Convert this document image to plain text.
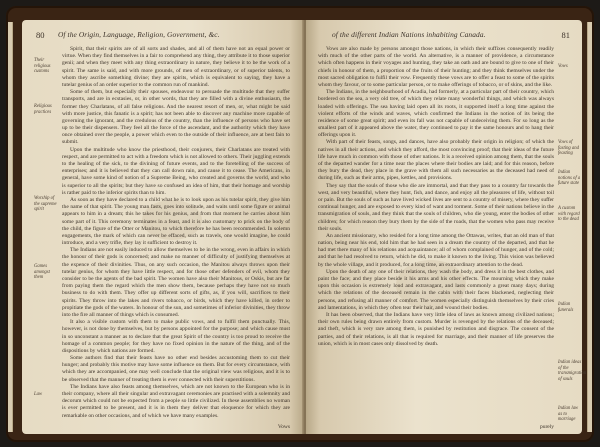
80 Of the Origin, Language, Religion, Government, &c.
Their religious customs
Religious practices
Worship of the supreme spirit
Games amongst them
Law

Spirit, that their spirits are of all sorts and shades, and all of them have not an equal power or virtue. When they find themselves in a fair to comprehend any thing, they attribute it to those superior genii; and when they meet with any thing extraordinary in nature, they believe it to be the work of a spirit. The same is said, and with more grounds, of men of extraordinary, or of superior talents, to whom they ascribe something divine; they are spirits, which is equivalent to saying, they have a tutelar genius of an order superior to the common run of mankind.

Some of them, but especially their spouses, endeavour to persuade the multitude that they suffer transports, and are in ecstasies, or, in other words, that they are filled with a divine enthusiasm, the former they Charlatans, of all false religions. And the nearest resort of men, or, what might be said with more justice, this fanatic is a spirit; has not been able to discover any machine more capable of governing the ignorant, and the credulous of the country, than the influence of persons who have set up to be their dispensers. They feel all the force of the ascendant, and the authority which they have once obtained over the people, a power which even to the outside of their influence, are at best fain to submit.

Upon the multitude who know the priesthood, their conjurers, their Charlatans are treated with respect, and are permitted to act with a freedom which is not allowed to others. Their juggling extends to the healing of the sick, to the divining of future events, and to the foretelling of the success of enterprises; and it is believed that they can call down rain, and cause it to cease. The Americans, in general, have some kind of notion of a Supreme Being, who created and governs the world, and who is superior to all the spirits; but they have so confused an idea of him, that their homage and worship is rather paid to the inferior spirits than to him.

As soon as they have declared to a child what he is to look upon as his tutelar spirit, they give him the name of that spirit. The young man fasts, goes into solitude, and waits until some figure or animal appears to him in a dream; this he takes for his genius, and from that moment he carries about him some part of it. This ceremony terminates in a feast, and it is also customary to prick on the body of the child, the figure of the Otter or Manitou, to which therefore he has been recommended. In solemn engagements, the mark of which can never be effaced, such as travels, one would imagine, he could introduce, and a very trifle, they lay it sufficient to destroy it.

The Indians are not easily induced to allow themselves to be in the wrong, even in affairs in which the honour of their gods is concerned; and make no manner of difficulty of justifying themselves at the expence of their divinities. Thus, on any such occasion, the Manitou always throws upon their tutelar genius, for whom they have little respect, and for those other defenders of evil, whom they consider to be the agents of the bad spirit. The women have also their Manitous, or Oskis, but are far from paying them the regard which the men show them, because perhaps they have not so much business to do with them. They offer up different sorts of gifts, as, if you will, sacrifices to their spirits. They throw into the lakes and rivers tobacco, or birds, which they have killed, in order to propitiate the gods of the waters. In honour of the sun, and sometimes of inferior divinities, they throw into the fire all manner of things which is consumed.

It also a visible custom with them to make public vows, and to fulfil them punctually. This, however, is not done by themselves, but by persons appointed for the purpose; and which cause must in so unconstant a manner as to declare that the great Spirit of the country is too proud to receive the homage of a common people; for they have no fixed opinion in the nature of the thing, and of the dispositions by which nations are formed.

Some authors find that their feasts have no other end besides accustoming them to cut their hunger; and probably this motive may have some influence on them. But for every circumstance, with which they are accompanied, one may well conclude that the original view was religious, and it is to be observed that the manner of treating them is ever connected with their superstitions.

The Indians have also feasts among themselves, which are not known to the European who is in their company, where all their singular and extravagant ceremonies are practised with a solemnity and decorum which could not be expected from a people so little civilized. In these assemblies no woman is ever permitted to be present, and it is in them they deliver that eloquence for which they are remarkable on other occasions, and of which we have many examples.

Vows
of the different Indian Nations inhabiting Canada.	81
Vows
Vows of fasting and feasting
Indian notions of a future state
A custom with regard to the dead
Indian funerals
Indian ideas of the transmigration of souls
Indian law as to marriage

Vows are also made by persons amongst those nations, in which their suffixes consequently readily with much of the other parts of the world. An alternative, is a manner of providence, a circumstance which often happens in their voyages and hunting, they take an oath and are bound to give to one of their chiefs in honour of them, a proportion of the fruits of their hunting; and they think themselves under the most sacred obligation to fulfil their vow. Frequently these vows are to offer a feast to some of the spirits whom they favour, or to some particular person, or to make offerings of tobacco, or of skins, and the like.

The Indians, in the neighbourhood of Acadia, had formerly, at a particular part of their country, which bordered on the sea, a very old tree, of which they relate many wonderful things, and which was always loaded with offerings. The sea having laid open all its roots, it supported itself a long time against the violent efforts of the winds and waves, which confirmed the Indians in the notion of its being the residence of some great spirit; and even its fall was not capable of undeceiving them. For so long as the smallest part of it appeared above the water, they continued to pay it the same honours and to hang their offerings upon it.

With part of their feasts, songs, and dances, have also probably their origin in religion; of which the natives in all their actions, and which they afford, the most convincing proof; that their ideas of the future life have much in common with those of other nations. It is a received opinion among them, that the souls of the departed wander for a time near the places where their bodies are laid; and for this reason, before they bury the dead, they place in the grave with them all such necessaries as the deceased had need of during life, such as their arms, pipes, kettles, and provisions.

They say that the souls of those who die are immortal, and that they pass to a country far towards the west, and very beautiful, where they hunt, fish, and dance, and enjoy all the pleasures of life, without toil or pain. But the souls of such as have lived wicked lives are sent to a country of misery, where they suffer continual hunger, and are exposed to every kind of want and torment. Some of their nations believe in the transmigration of souls, and they think that the souls of children, who die young, enter the bodies of other children; for which reason they bury them by the side of the roads, that the women who pass may receive their souls.

An ancient missionary, who resided for a long time among the Ottawas, writes, that an old man of that nation, being near his end, told him that he had seen in a dream the country of the departed, and that he had met there many of his relations and acquaintance; all of whom complained of hunger, and of the cold; and that he had resolved to return, which he did, to make it known to the living. This vision was believed by the whole village, and it produced, for a long time, an extraordinary attention to the dead.

Upon the death of any one of their relations, they wash the body, and dress it in the best clothes, and paint the face; and they place beside it his arms and his other effects. The mourning which they make upon this occasion is extremely loud and extravagant, and lasts commonly a great many days; during which the relations of the deceased remain in the cabin with their faces blackened, neglecting their persons, and refusing all manner of comfort. The women especially distinguish themselves by their cries and lamentations, in which they often tear their hair, and wound their bodies.

It has been observed, that the Indians have very little idea of laws as known among civilized nations; their own rules being drawn entirely from custom. Murder is revenged by the relations of the deceased; and theft, which is very rare among them, is punished by restitution and disgrace. The consent of the parties, and of their relations, is all that is required for marriage, and their manner of life preserves the union, which is in most cases only dissolved by death.

purely
